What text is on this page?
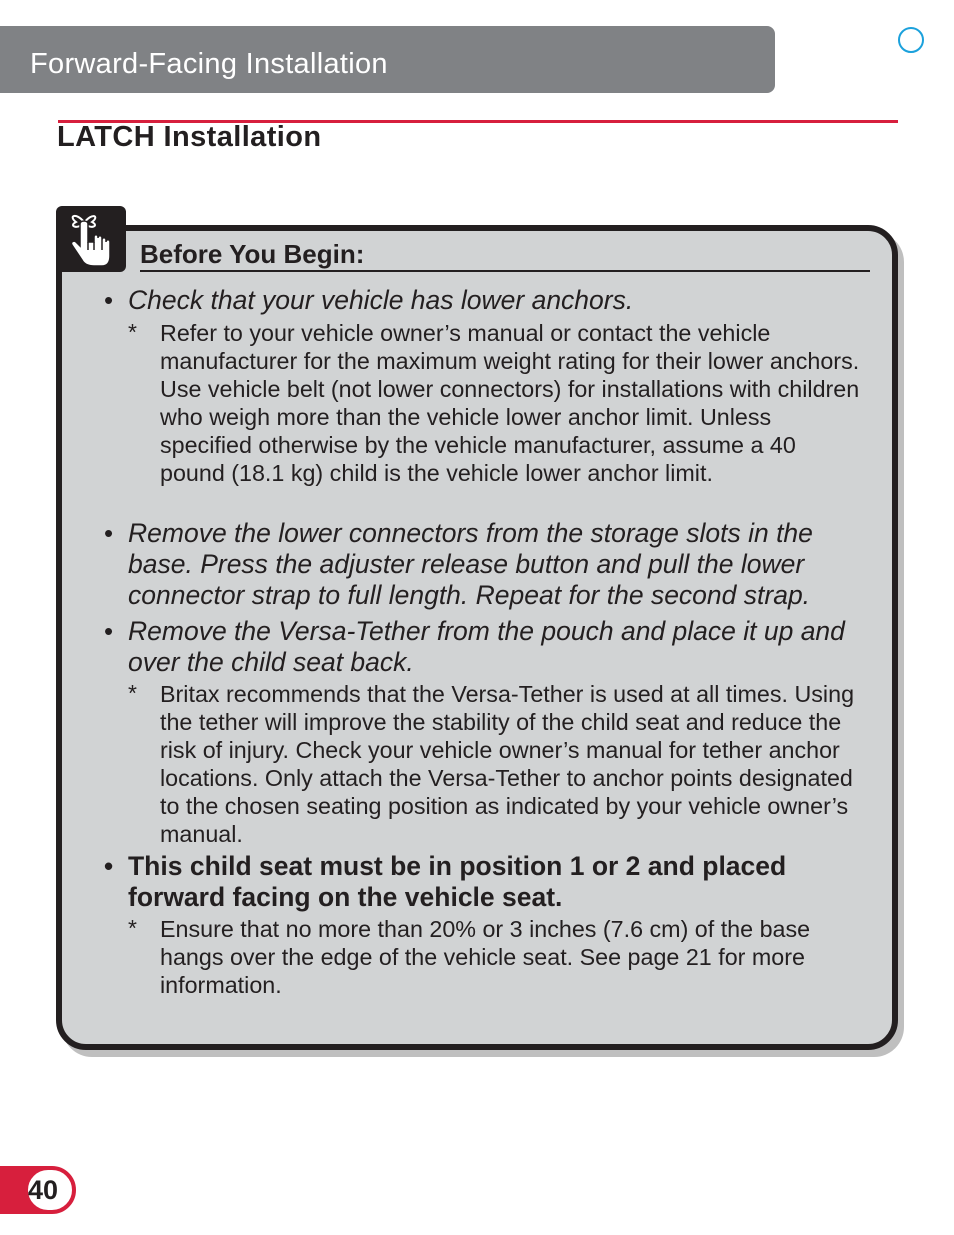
Forward-Facing Installation
LATCH Installation
Before You Begin:
• Check that your vehicle has lower anchors.
* Refer to your vehicle owner’s manual or contact the vehicle manufacturer for the maximum weight rating for their lower anchors. Use vehicle belt (not lower connectors) for installations with children who weigh more than the vehicle lower anchor limit. Unless specified otherwise by the vehicle manufacturer, assume a 40 pound (18.1 kg) child is the vehicle lower anchor limit.
• Remove the lower connectors from the storage slots in the base. Press the adjuster release button and pull the lower connector strap to full length. Repeat for the second strap.
• Remove the Versa-Tether from the pouch and place it up and over the child seat back.
* Britax recommends that the Versa-Tether is used at all times. Using the tether will improve the stability of the child seat and reduce the risk of injury. Check your vehicle owner’s manual for tether anchor locations. Only attach the Versa-Tether to anchor points designated to the chosen seating position as indicated by your vehicle owner’s manual.
• This child seat must be in position 1 or 2 and placed forward facing on the vehicle seat.
* Ensure that no more than 20% or 3 inches (7.6 cm) of the base hangs over the edge of the vehicle seat. See page 21 for more information.
40
